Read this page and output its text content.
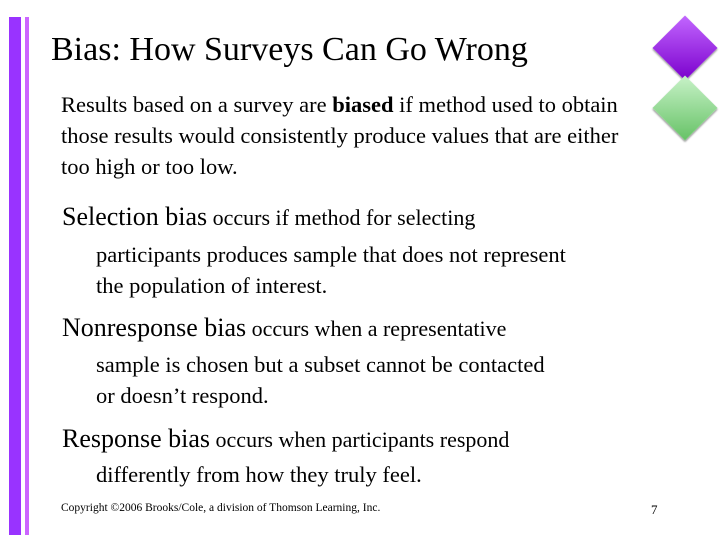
Bias: How Surveys Can Go Wrong
Results based on a survey are biased if method used to obtain those results would consistently produce values that are either too high or too low.
Selection bias occurs if method for selecting
participants produces sample that does not represent
the population of interest.
Nonresponse bias occurs when a representative
sample is chosen but a subset cannot be contacted
or doesn’t respond.
Response bias occurs when participants respond
differently from how they truly feel.
Copyright ©2006 Brooks/Cole, a division of Thomson Learning, Inc.	7
